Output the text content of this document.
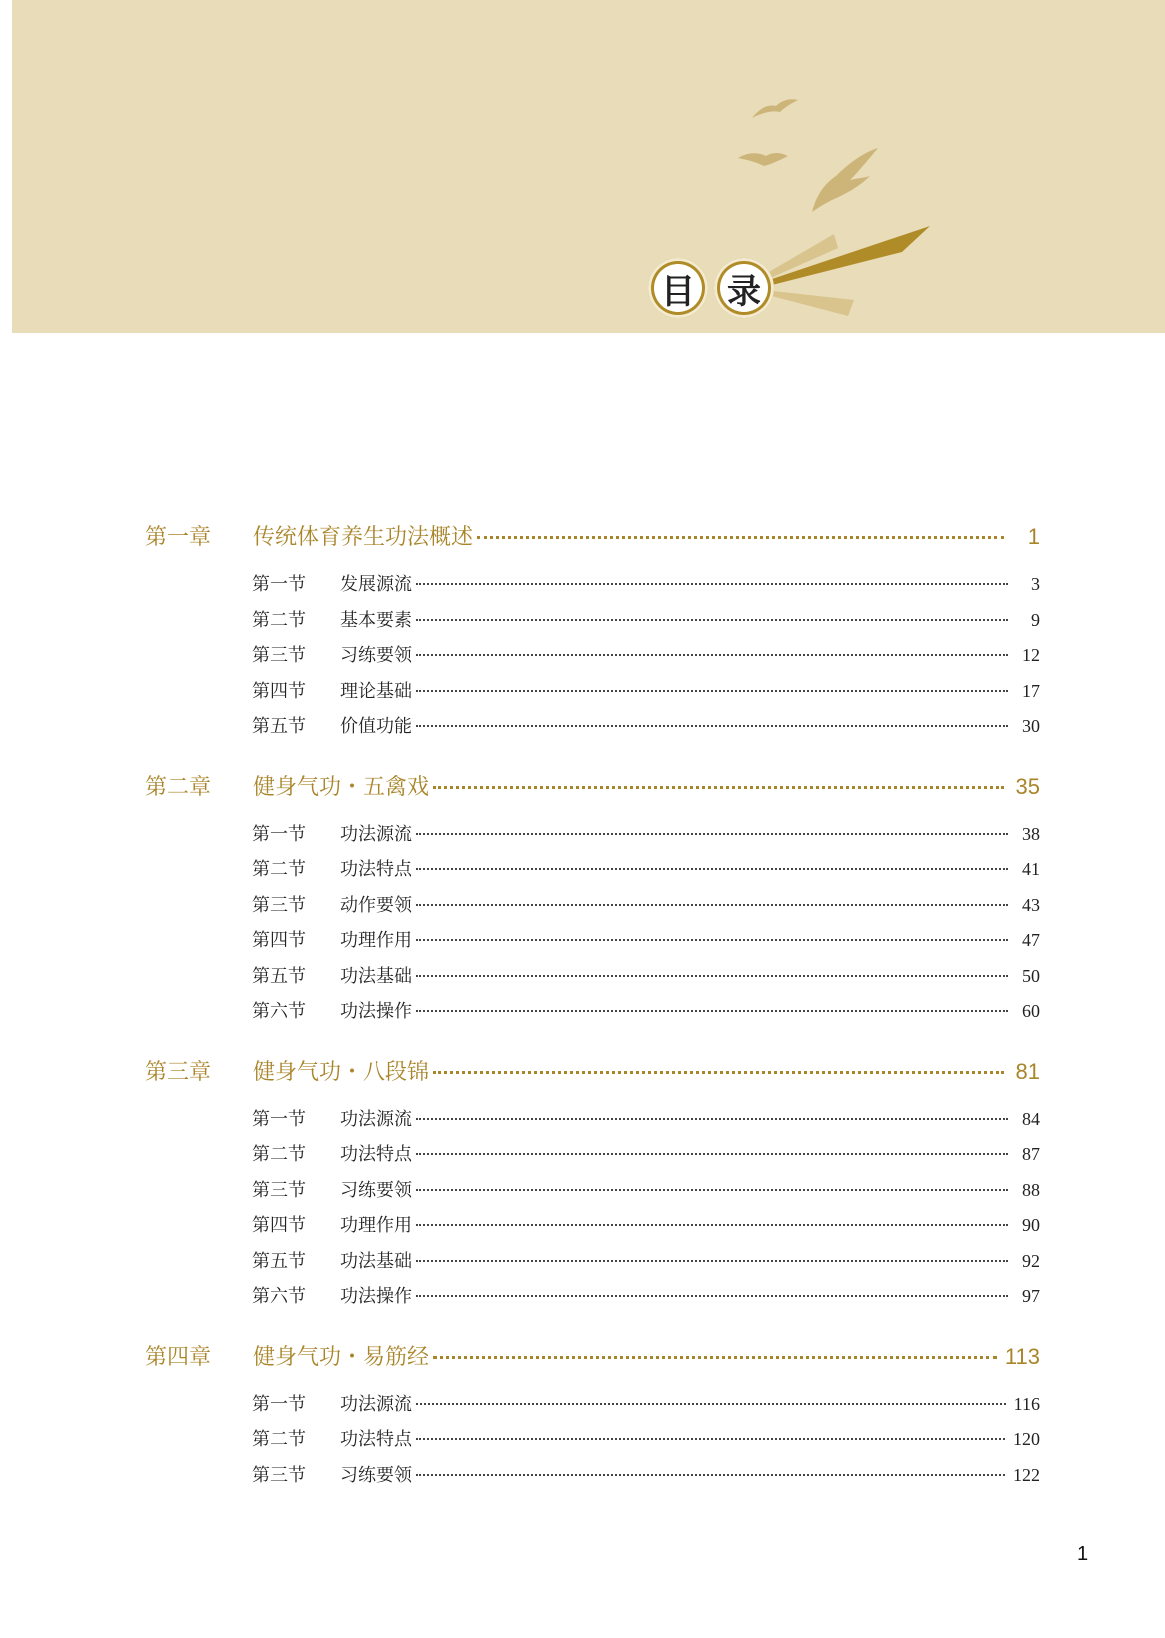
目 录
第一章	传统体育养生功法概述	1
第一节	发展源流	3
第二节	基本要素	9
第三节	习练要领	12
第四节	理论基础	17
第五节	价值功能	30
第二章	健身气功・五禽戏	35
第一节	功法源流	38
第二节	功法特点	41
第三节	动作要领	43
第四节	功理作用	47
第五节	功法基础	50
第六节	功法操作	60
第三章	健身气功・八段锦	81
第一节	功法源流	84
第二节	功法特点	87
第三节	习练要领	88
第四节	功理作用	90
第五节	功法基础	92
第六节	功法操作	97
第四章	健身气功・易筋经	113
第一节	功法源流	116
第二节	功法特点	120
第三节	习练要领	122
1
